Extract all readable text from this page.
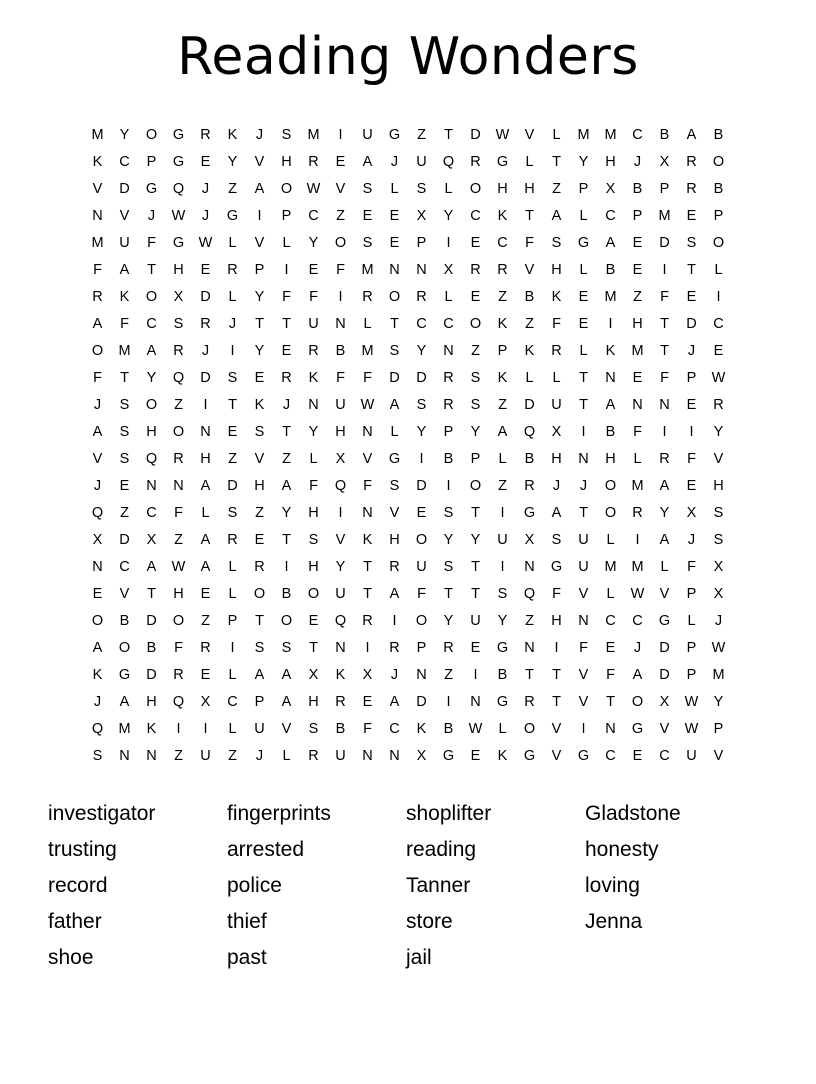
Reading Wonders
M	Y	O	G	R	K	J	S	M	I	U	G	Z	T	D	W	V	L	M	M	C	B	A	B
K	C	P	G	E	Y	V	H	R	E	A	J	U	Q	R	G	L	T	Y	H	J	X	R	O
V	D	G	Q	J	Z	A	O	W	V	S	L	S	L	O	H	H	Z	P	X	B	P	R	B
N	V	J	W	J	G	I	P	C	Z	E	E	X	Y	C	K	T	A	L	C	P	M	E	P
M	U	F	G	W	L	V	L	Y	O	S	E	P	I	E	C	F	S	G	A	E	D	S	O
F	A	T	H	E	R	P	I	E	F	M	N	N	X	R	R	V	H	L	B	E	I	T	L
R	K	O	X	D	L	Y	F	F	I	R	O	R	L	E	Z	B	K	E	M	Z	F	E	I
A	F	C	S	R	J	T	T	U	N	L	T	C	C	O	K	Z	F	E	I	H	T	D	C
O	M	A	R	J	I	Y	E	R	B	M	S	Y	N	Z	P	K	R	L	K	M	T	J	E
F	T	Y	Q	D	S	E	R	K	F	F	D	D	R	S	K	L	L	T	N	E	F	P	W
J	S	O	Z	I	T	K	J	N	U	W	A	S	R	S	Z	D	U	T	A	N	N	E	R
A	S	H	O	N	E	S	T	Y	H	N	L	Y	P	Y	A	Q	X	I	B	F	I	I	Y
V	S	Q	R	H	Z	V	Z	L	X	V	G	I	B	P	L	B	H	N	H	L	R	F	V
J	E	N	N	A	D	H	A	F	Q	F	S	D	I	O	Z	R	J	J	O	M	A	E	H
Q	Z	C	F	L	S	Z	Y	H	I	N	V	E	S	T	I	G	A	T	O	R	Y	X	S
X	D	X	Z	A	R	E	T	S	V	K	H	O	Y	Y	U	X	S	U	L	I	A	J	S
N	C	A	W	A	L	R	I	H	Y	T	R	U	S	T	I	N	G	U	M	M	L	F	X
E	V	T	H	E	L	O	B	O	U	T	A	F	T	T	S	Q	F	V	L	W	V	P	X
O	B	D	O	Z	P	T	O	E	Q	R	I	O	Y	U	Y	Z	H	N	C	C	G	L	J
A	O	B	F	R	I	S	S	T	N	I	R	P	R	E	G	N	I	F	E	J	D	P	W
K	G	D	R	E	L	A	A	X	K	X	J	N	Z	I	B	T	T	V	F	A	D	P	M
J	A	H	Q	X	C	P	A	H	R	E	A	D	I	N	G	R	T	V	T	O	X	W	Y
Q	M	K	I	I	L	U	V	S	B	F	C	K	B	W	L	O	V	I	N	G	V	W	P
S	N	N	Z	U	Z	J	L	R	U	N	N	X	G	E	K	G	V	G	C	E	C	U	V
investigator
trusting
record
father
shoe
fingerprints
arrested
police
thief
past
shoplifter
reading
Tanner
store
jail
Gladstone
honesty
loving
Jenna
